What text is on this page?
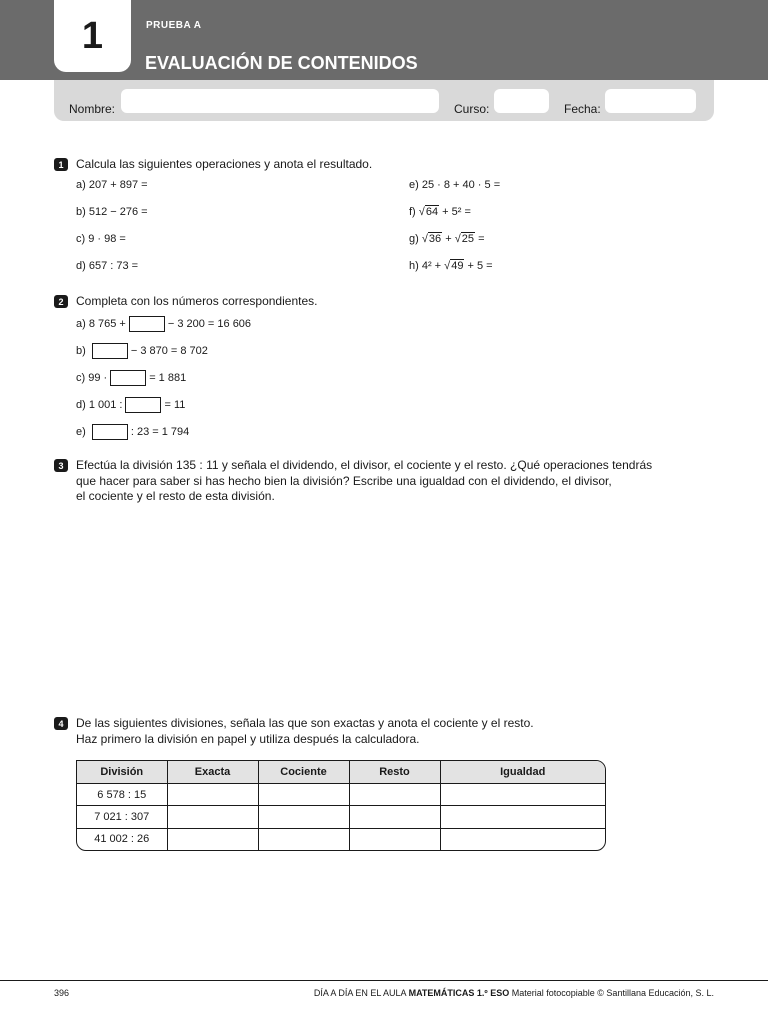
1	PRUEBA A
EVALUACIÓN DE CONTENIDOS
Nombre:	Curso:	Fecha:
1	Calcula las siguientes operaciones y anota el resultado.
a) 207 + 897 =
b) 512 − 276 =
c) 9 · 98 =
d) 657 : 73 =
e) 25 · 8 + 40 · 5 =
f) √64 + 5² =
g) √36 + √25 =
h) 4² + √49 + 5 =
2	Completa con los números correspondientes.
a) 8 765 +	− 3 200 = 16 606
b)	− 3 870 = 8 702
c) 99 ·	= 1 881
d) 1 001 :	= 11
e)	: 23 = 1 794
3	Efectúa la división 135 : 11 y señala el dividendo, el divisor, el cociente y el resto. ¿Qué operaciones tendrás
que hacer para saber si has hecho bien la división? Escribe una igualdad con el dividendo, el divisor,
el cociente y el resto de esta división.
4	De las siguientes divisiones, señala las que son exactas y anota el cociente y el resto.
Haz primero la división en papel y utiliza después la calculadora.
División	Exacta	Cociente	Resto	Igualdad
6 578 : 15				
7 021 : 307				
41 002 : 26				
396	DÍA A DÍA EN EL AULA MATEMÁTICAS 1.º ESO Material fotocopiable © Santillana Educación, S. L.
